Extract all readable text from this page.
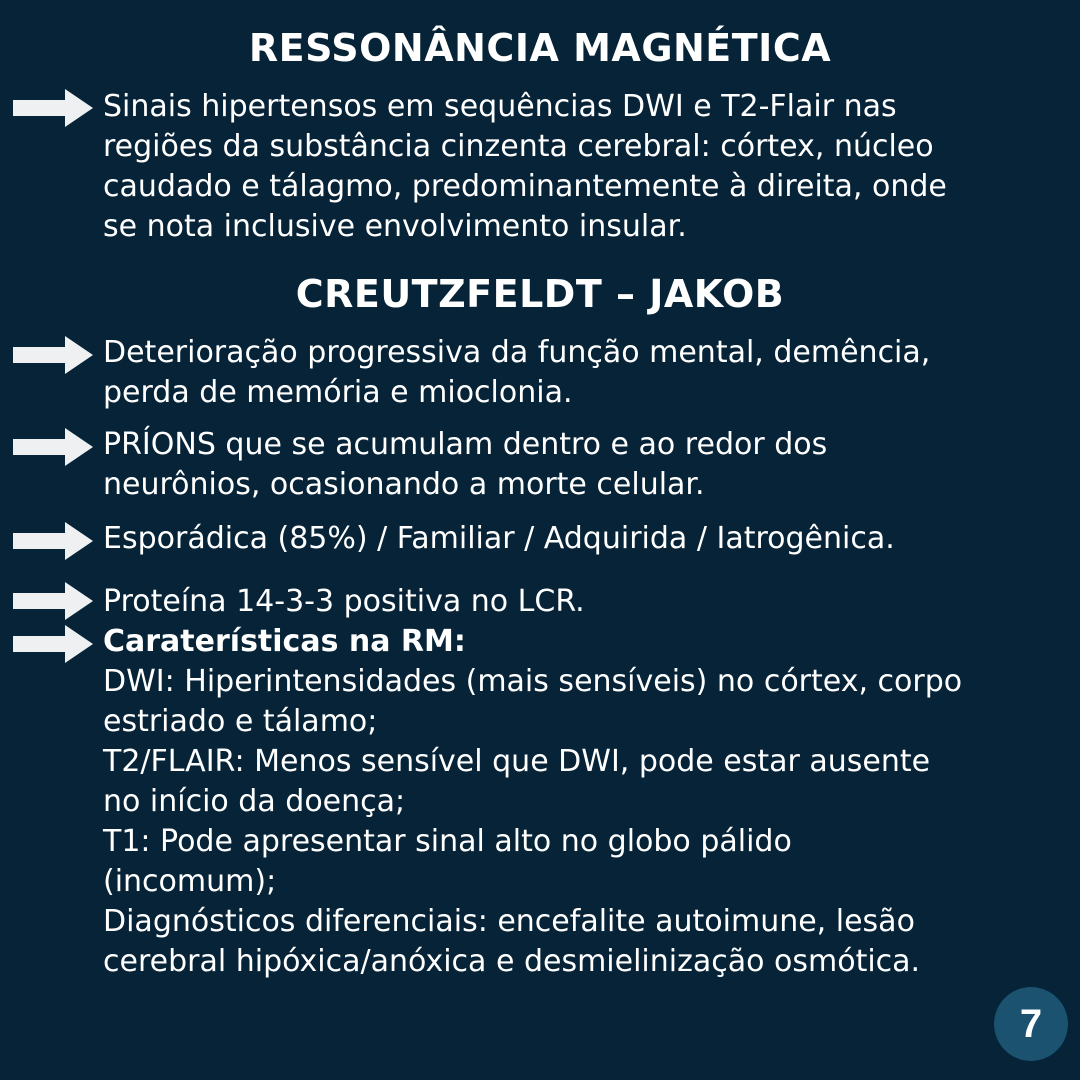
RESSONÂNCIA MAGNÉTICA

Sinais hipertensos em sequências DWI e T2-Flair nas
regiões da substância cinzenta cerebral: córtex, núcleo
caudado e tálagmo, predominantemente à direita, onde
se nota inclusive envolvimento insular.

CREUTZFELDT – JAKOB

Deterioração progressiva da função mental, demência,
perda de memória e mioclonia.

PRÍONS que se acumulam dentro e ao redor dos
neurônios, ocasionando a morte celular.

Esporádica (85%) / Familiar / Adquirida / Iatrogênica.

Proteína 14-3-3 positiva no LCR.

Caraterísticas na RM:
DWI: Hiperintensidades (mais sensíveis) no córtex, corpo
estriado e tálamo;
T2/FLAIR: Menos sensível que DWI, pode estar ausente
no início da doença;
T1: Pode apresentar sinal alto no globo pálido
(incomum);
Diagnósticos diferenciais: encefalite autoimune, lesão
cerebral hipóxica/anóxica e desmielinização osmótica.
7
